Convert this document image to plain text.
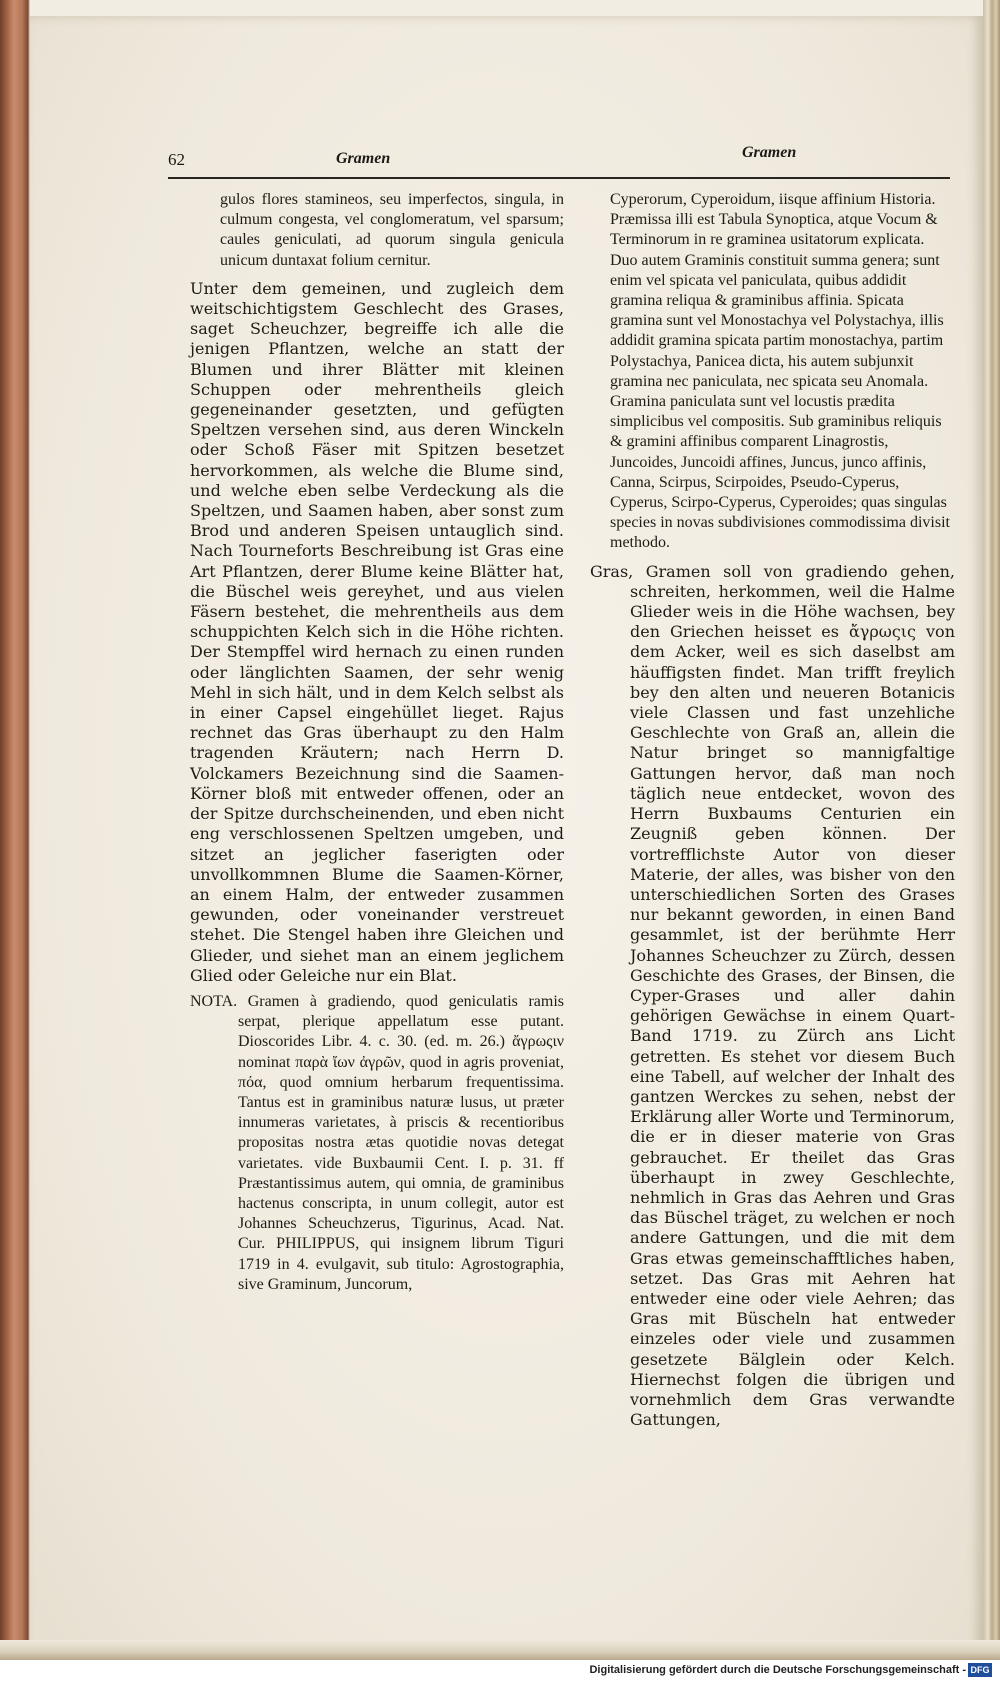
62	Gramen	Gramen

gulos flores stamineos, seu imperfectos, singula, in culmum congesta, vel conglomeratum, vel sparsum; caules geniculati, ad quorum singula genicula unicum duntaxat folium cernitur.

Unter dem gemeinen, und zugleich dem weitschichtigstem Geschlecht des Grases, saget Scheuchzer, begreiffe ich alle die jenigen Pflantzen, welche an statt der Blumen und ihrer Blätter mit kleinen Schuppen oder mehrentheils gleich gegeneinander gesetzten, und gefügten Speltzen versehen sind, aus deren Winckeln oder Schoß Fäser mit Spitzen besetzet hervorkommen, als welche die Blume sind, und welche eben selbe Verdeckung als die Speltzen, und Saamen haben, aber sonst zum Brod und anderen Speisen untauglich sind. Nach Tourneforts Beschreibung ist Gras eine Art Pflantzen, derer Blume keine Blätter hat, die Büschel weis gereyhet, und aus vielen Fäsern bestehet, die mehrentheils aus dem schuppichten Kelch sich in die Höhe richten. Der Stempffel wird hernach zu einen runden oder länglichten Saamen, der sehr wenig Mehl in sich hält, und in dem Kelch selbst als in einer Capsel eingehüllet lieget. Rajus rechnet das Gras überhaupt zu den Halm tragenden Kräutern; nach Herrn D. Volckamers Bezeichnung sind die Saamen-Körner bloß mit entweder offenen, oder an der Spitze durchscheinenden, und eben nicht eng verschlossenen Speltzen umgeben, und sitzet an jeglicher faserigten oder unvollkommnen Blume die Saamen-Körner, an einem Halm, der entweder zusammen gewunden, oder voneinander verstreuet stehet. Die Stengel haben ihre Gleichen und Glieder, und siehet man an einem jeglichem Glied oder Geleiche nur ein Blat.

NOTA. Gramen à gradiendo, quod geniculatis ramis serpat, plerique appellatum esse putant. Dioscorides Libr. 4. c. 30. (ed. m. 26.) ἄγρωςιν nominat παρὰ ἴων ἀγρῶν, quod in agris proveniat, πόα, quod omnium herbarum frequentissima. Tantus est in graminibus naturæ lusus, ut præter innumeras varietates, à priscis & recentioribus propositas nostra ætas quotidie novas detegat varietates. vide Buxbaumii Cent. I. p. 31. ff Præstantissimus autem, qui omnia, de graminibus hactenus conscripta, in unum collegit, autor est Johannes Scheuchzerus, Tigurinus, Acad. Nat. Cur. PHILIPPUS, qui insignem librum Tiguri 1719 in 4. evulgavit, sub titulo: Agrostographia, sive Graminum, Juncorum,

Cyperorum, Cyperoidum, iisque affinium Historia. Præmissa illi est Tabula Synoptica, atque Vocum & Terminorum in re graminea usitatorum explicata. Duo autem Graminis constituit summa genera; sunt enim vel spicata vel paniculata, quibus addidit gramina reliqua & graminibus affinia. Spicata gramina sunt vel Monostachya vel Polystachya, illis addidit gramina spicata partim monostachya, partim Polystachya, Panicea dicta, his autem subjunxit gramina nec paniculata, nec spicata seu Anomala. Gramina paniculata sunt vel locustis prædita simplicibus vel compositis. Sub graminibus reliquis & gramini affinibus comparent Linagrostis, Juncoides, Juncoidi affines, Juncus, junco affinis, Canna, Scirpus, Scirpoides, Pseudo-Cyperus, Cyperus, Scirpo-Cyperus, Cyperoides; quas singulas species in novas subdivisiones commodissima divisit methodo.

Gras, Gramen soll von gradiendo gehen, schreiten, herkommen, weil die Halme Glieder weis in die Höhe wachsen, bey den Griechen heisset es ἄγρωςις von dem Acker, weil es sich daselbst am häuffigsten findet. Man trifft freylich bey den alten und neueren Botanicis viele Classen und fast unzehliche Geschlechte von Graß an, allein die Natur bringet so mannigfaltige Gattungen hervor, daß man noch täglich neue entdecket, wovon des Herrn Buxbaums Centurien ein Zeugniß geben können. Der vortrefflichste Autor von dieser Materie, der alles, was bisher von den unterschiedlichen Sorten des Grases nur bekannt geworden, in einen Band gesammlet, ist der berühmte Herr Johannes Scheuchzer zu Zürch, dessen Geschichte des Grases, der Binsen, die Cyper-Grases und aller dahin gehörigen Gewächse in einem Quart-Band 1719. zu Zürch ans Licht getretten. Es stehet vor diesem Buch eine Tabell, auf welcher der Inhalt des gantzen Werckes zu sehen, nebst der Erklärung aller Worte und Terminorum, die er in dieser materie von Gras gebrauchet. Er theilet das Gras überhaupt in zwey Geschlechte, nehmlich in Gras das Aehren und Gras das Büschel träget, zu welchen er noch andere Gattungen, und die mit dem Gras etwas gemeinschafftliches haben, setzet. Das Gras mit Aehren hat entweder eine oder viele Aehren; das Gras mit Büscheln hat entweder einzeles oder viele und zusammen gesetzete Bälglein oder Kelch. Hiernechst folgen die übrigen und vornehmlich dem Gras verwandte Gattungen,

Digitalisierung gefördert durch die Deutsche Forschungsgemeinschaft - DFG
